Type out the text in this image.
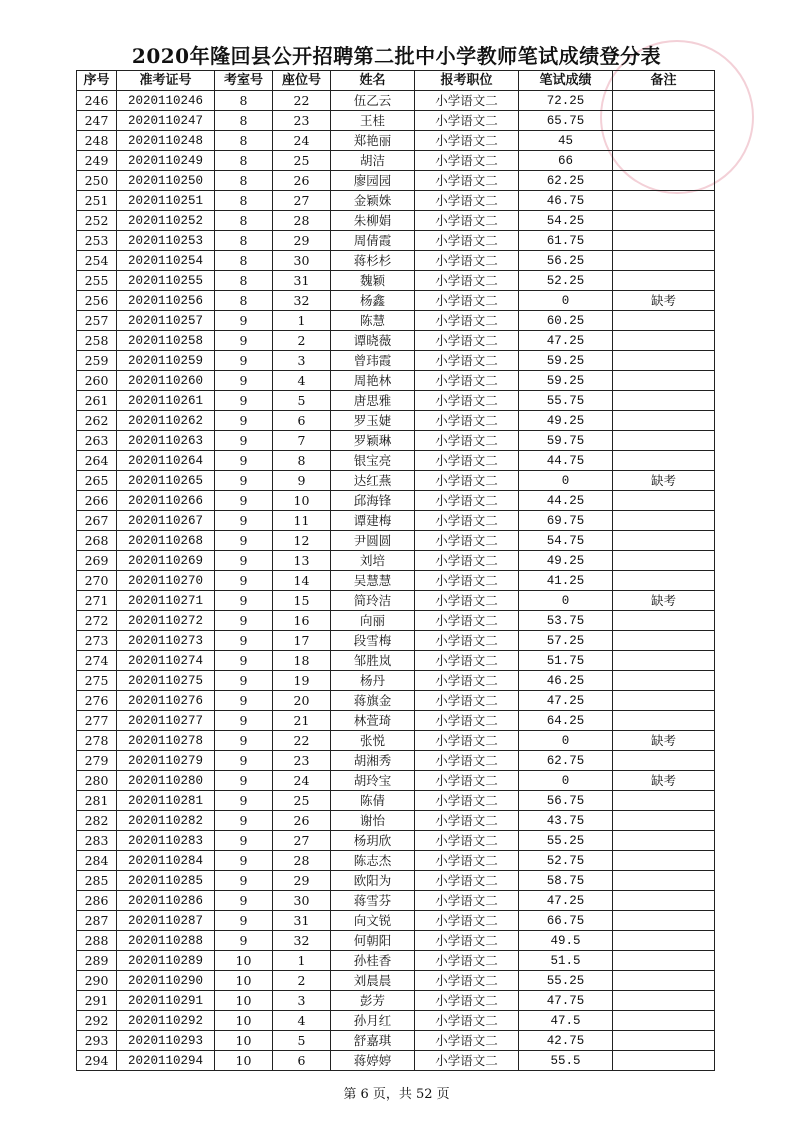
2020年隆回县公开招聘第二批中小学教师笔试成绩登分表
序号	准考证号	考室号	座位号	姓名	报考职位	笔试成绩	备注
246	2020110246	8	22	伍乙云	小学语文二	72.25	
247	2020110247	8	23	王桂	小学语文二	65.75	
248	2020110248	8	24	郑艳丽	小学语文二	45	
249	2020110249	8	25	胡洁	小学语文二	66	
250	2020110250	8	26	廖园园	小学语文二	62.25	
251	2020110251	8	27	金颖姝	小学语文二	46.75	
252	2020110252	8	28	朱柳娟	小学语文二	54.25	
253	2020110253	8	29	周倩霞	小学语文二	61.75	
254	2020110254	8	30	蒋杉杉	小学语文二	56.25	
255	2020110255	8	31	魏颖	小学语文二	52.25	
256	2020110256	8	32	杨鑫	小学语文二	0	缺考
257	2020110257	9	1	陈慧	小学语文二	60.25	
258	2020110258	9	2	谭晓薇	小学语文二	47.25	
259	2020110259	9	3	曾玮霞	小学语文二	59.25	
260	2020110260	9	4	周艳林	小学语文二	59.25	
261	2020110261	9	5	唐思雅	小学语文二	55.75	
262	2020110262	9	6	罗玉婕	小学语文二	49.25	
263	2020110263	9	7	罗颖琳	小学语文二	59.75	
264	2020110264	9	8	银宝亮	小学语文二	44.75	
265	2020110265	9	9	达红燕	小学语文二	0	缺考
266	2020110266	9	10	邱海锋	小学语文二	44.25	
267	2020110267	9	11	谭建梅	小学语文二	69.75	
268	2020110268	9	12	尹圆圆	小学语文二	54.75	
269	2020110269	9	13	刘培	小学语文二	49.25	
270	2020110270	9	14	吴慧慧	小学语文二	41.25	
271	2020110271	9	15	简玲洁	小学语文二	0	缺考
272	2020110272	9	16	向丽	小学语文二	53.75	
273	2020110273	9	17	段雪梅	小学语文二	57.25	
274	2020110274	9	18	邹胜岚	小学语文二	51.75	
275	2020110275	9	19	杨丹	小学语文二	46.25	
276	2020110276	9	20	蒋旗金	小学语文二	47.25	
277	2020110277	9	21	林萱琦	小学语文二	64.25	
278	2020110278	9	22	张悦	小学语文二	0	缺考
279	2020110279	9	23	胡湘秀	小学语文二	62.75	
280	2020110280	9	24	胡玲宝	小学语文二	0	缺考
281	2020110281	9	25	陈倩	小学语文二	56.75	
282	2020110282	9	26	谢怡	小学语文二	43.75	
283	2020110283	9	27	杨玥欣	小学语文二	55.25	
284	2020110284	9	28	陈志杰	小学语文二	52.75	
285	2020110285	9	29	欧阳为	小学语文二	58.75	
286	2020110286	9	30	蒋雪芬	小学语文二	47.25	
287	2020110287	9	31	向文锐	小学语文二	66.75	
288	2020110288	9	32	何朝阳	小学语文二	49.5	
289	2020110289	10	1	孙桂香	小学语文二	51.5	
290	2020110290	10	2	刘晨晨	小学语文二	55.25	
291	2020110291	10	3	彭芳	小学语文二	47.75	
292	2020110292	10	4	孙月红	小学语文二	47.5	
293	2020110293	10	5	舒嘉琪	小学语文二	42.75	
294	2020110294	10	6	蒋婷婷	小学语文二	55.5	
第 6 页，共 52 页
